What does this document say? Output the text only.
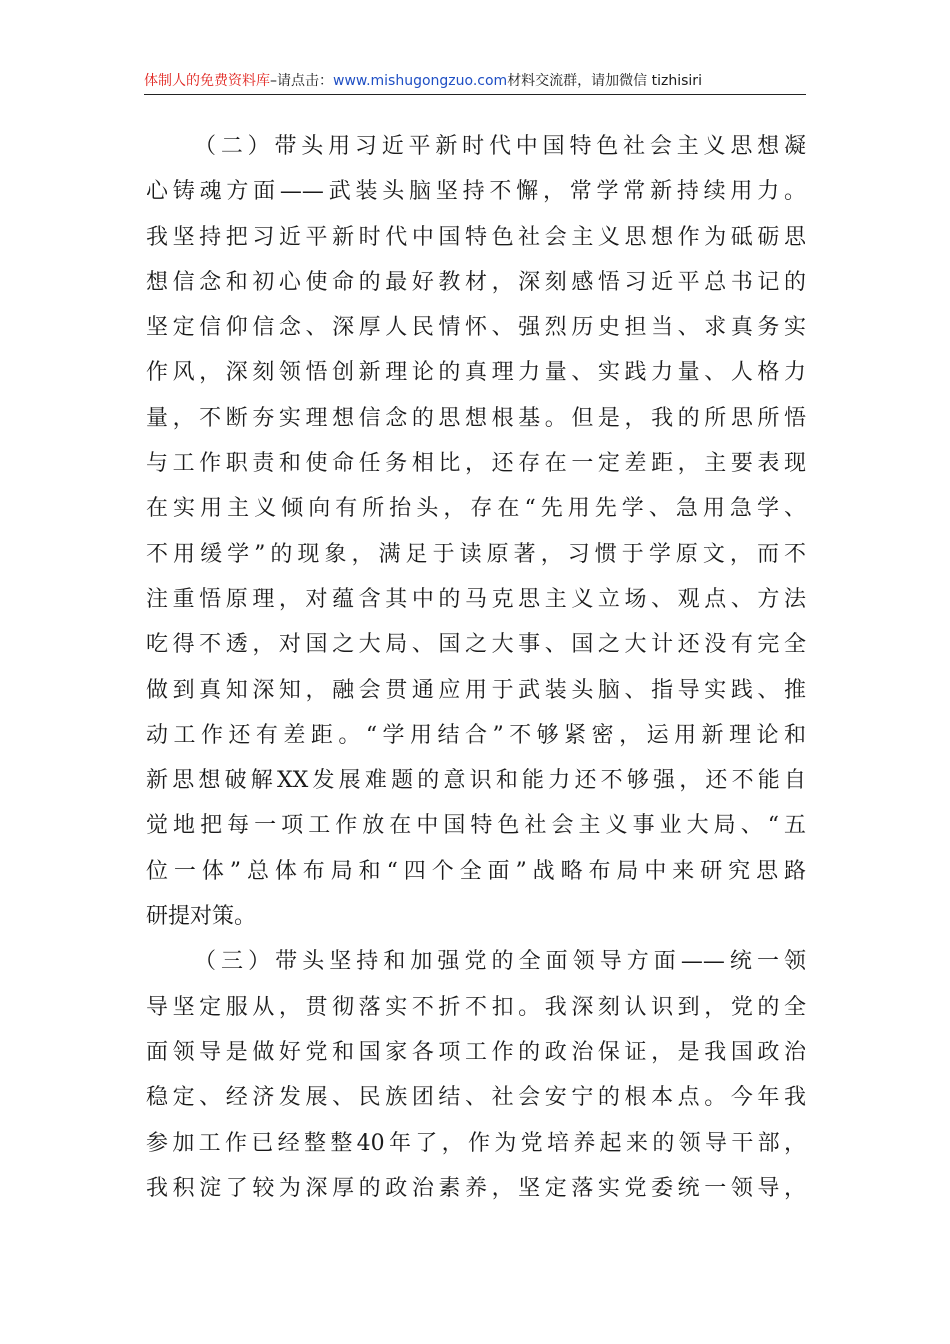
体制人的免费资料库–请点击：www.mishugongzuo.com材料交流群，请加微信 tizhisiri
（二）带头用习近平新时代中国特色社会主义思想凝
心铸魂方面——武装头脑坚持不懈，常学常新持续用力。
我坚持把习近平新时代中国特色社会主义思想作为砥砺思
想信念和初心使命的最好教材，深刻感悟习近平总书记的
坚定信仰信念、深厚人民情怀、强烈历史担当、求真务实
作风，深刻领悟创新理论的真理力量、实践力量、人格力
量，不断夯实理想信念的思想根基。但是，我的所思所悟
与工作职责和使命任务相比，还存在一定差距，主要表现
在实用主义倾向有所抬头，存在“先用先学、急用急学、
不用缓学”的现象，满足于读原著，习惯于学原文，而不
注重悟原理，对蕴含其中的马克思主义立场、观点、方法
吃得不透，对国之大局、国之大事、国之大计还没有完全
做到真知深知，融会贯通应用于武装头脑、指导实践、推
动工作还有差距。“学用结合”不够紧密，运用新理论和
新思想破解XX发展难题的意识和能力还不够强，还不能自
觉地把每一项工作放在中国特色社会主义事业大局、“五
位一体”总体布局和“四个全面”战略布局中来研究思路
研提对策。
（三）带头坚持和加强党的全面领导方面——统一领
导坚定服从，贯彻落实不折不扣。我深刻认识到，党的全
面领导是做好党和国家各项工作的政治保证，是我国政治
稳定、经济发展、民族团结、社会安宁的根本点。今年我
参加工作已经整整40年了，作为党培养起来的领导干部，
我积淀了较为深厚的政治素养，坚定落实党委统一领导，
